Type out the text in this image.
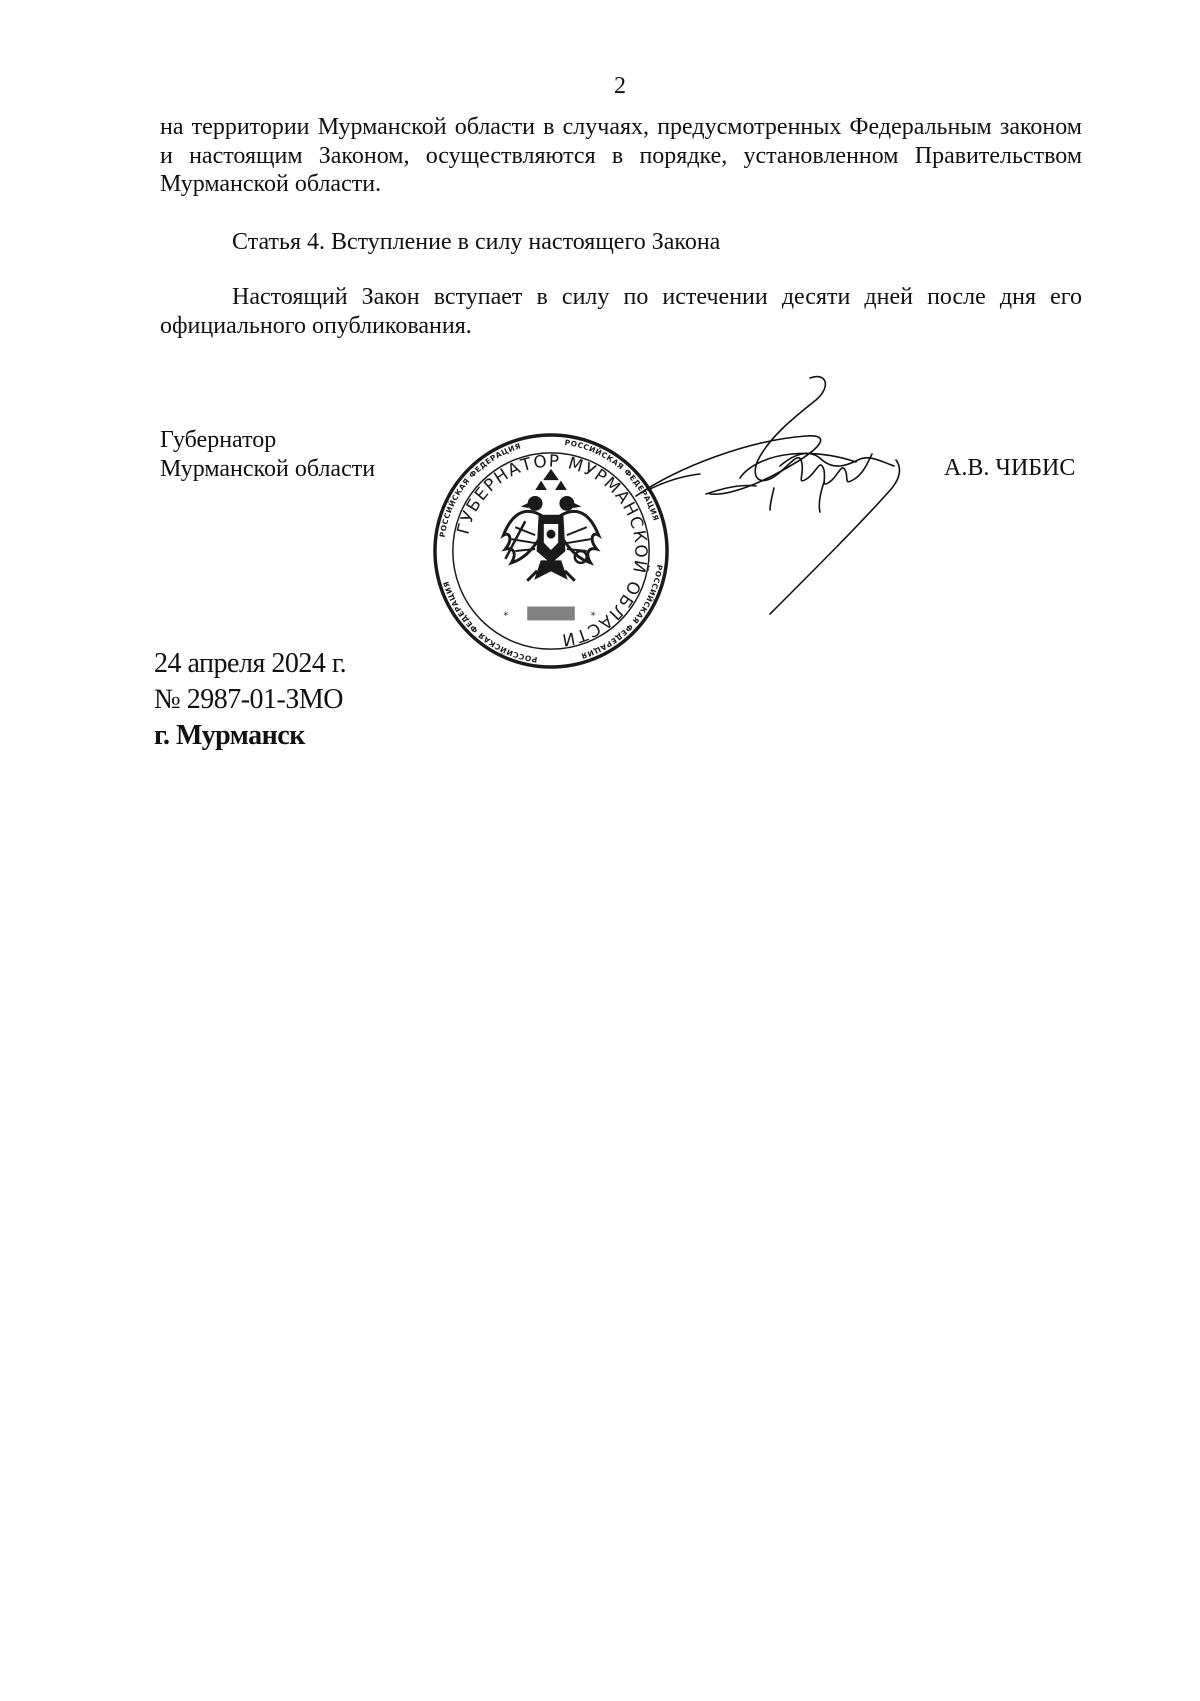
2
на территории Мурманской области в случаях, предусмотренных Федеральным законом и настоящим Законом, осуществляются в порядке, установленном Правительством Мурманской области.
Статья 4. Вступление в силу настоящего Закона
Настоящий Закон вступает в силу по истечении десяти дней после дня его официального опубликования.
Губернатор
Мурманской области
РОССИЙСКАЯ ФЕДЕРАЦИЯ	РОССИЙСКАЯ ФЕДЕРАЦИЯ
РОССИЙСКАЯ ФЕДЕРАЦИЯ
РОССИЙСКАЯ ФЕДЕРАЦИЯ
ГУБЕРНАТОР МУРМАНСКОЙ ОБЛАСТИ
*	*
А.В. ЧИБИС
24 апреля 2024 г.
№ 2987-01-ЗМО
г. Мурманск
